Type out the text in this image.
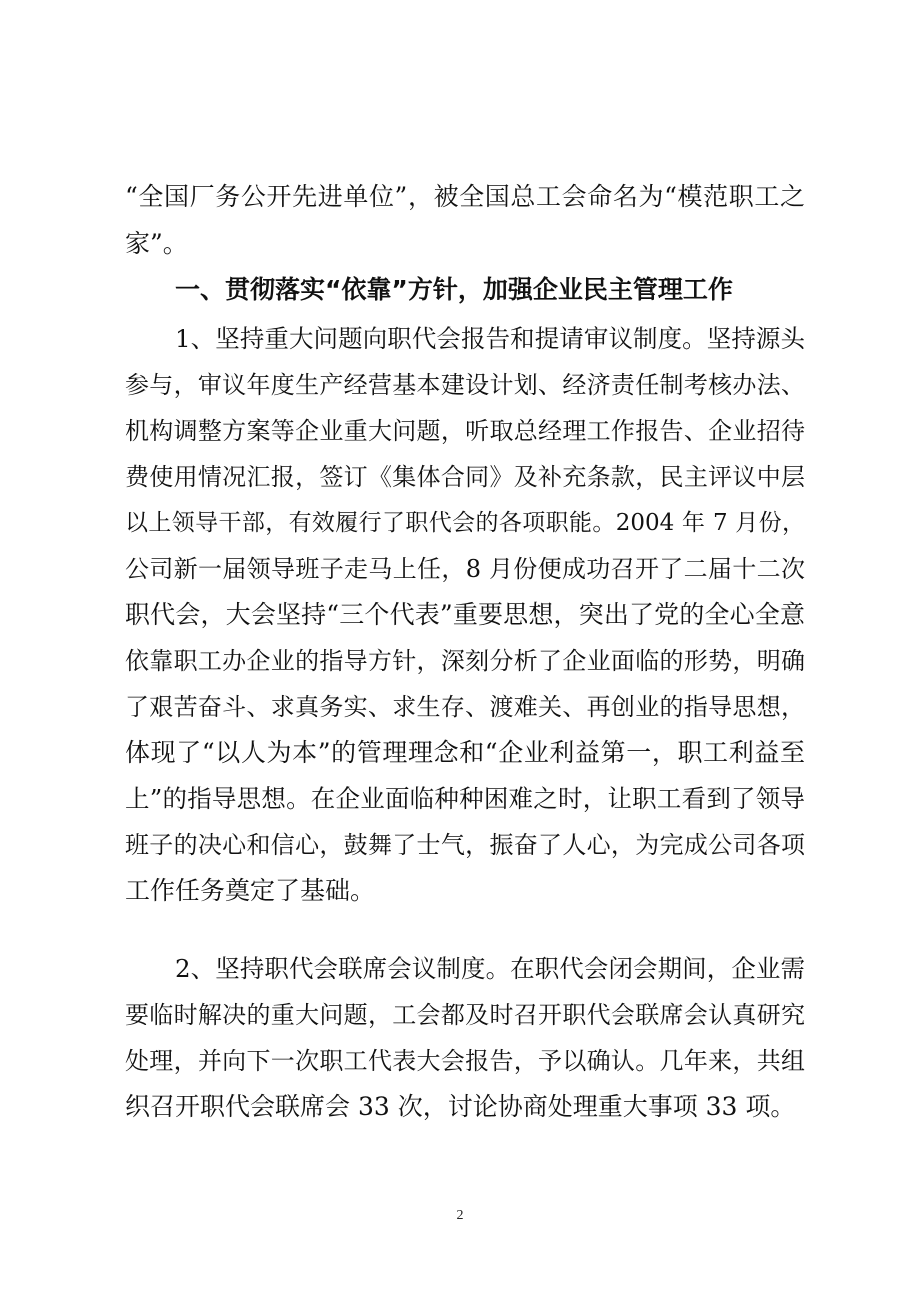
“全国厂务公开先进单位”，被全国总工会命名为“模范职工之
家”。
一、贯彻落实“依靠”方针，加强企业民主管理工作
1、坚持重大问题向职代会报告和提请审议制度。坚持源头
参与，审议年度生产经营基本建设计划、经济责任制考核办法、
机构调整方案等企业重大问题，听取总经理工作报告、企业招待
费使用情况汇报，签订《集体合同》及补充条款，民主评议中层
以上领导干部，有效履行了职代会的各项职能。2004 年 7 月份，
公司新一届领导班子走马上任，8 月份便成功召开了二届十二次
职代会，大会坚持“三个代表”重要思想，突出了党的全心全意
依靠职工办企业的指导方针，深刻分析了企业面临的形势，明确
了艰苦奋斗、求真务实、求生存、渡难关、再创业的指导思想，
体现了“以人为本”的管理理念和“企业利益第一，职工利益至
上”的指导思想。在企业面临种种困难之时，让职工看到了领导
班子的决心和信心，鼓舞了士气，振奋了人心，为完成公司各项
工作任务奠定了基础。
2、坚持职代会联席会议制度。在职代会闭会期间，企业需
要临时解决的重大问题，工会都及时召开职代会联席会认真研究
处理，并向下一次职工代表大会报告，予以确认。几年来，共组
织召开职代会联席会 33 次，讨论协商处理重大事项 33 项。
2
